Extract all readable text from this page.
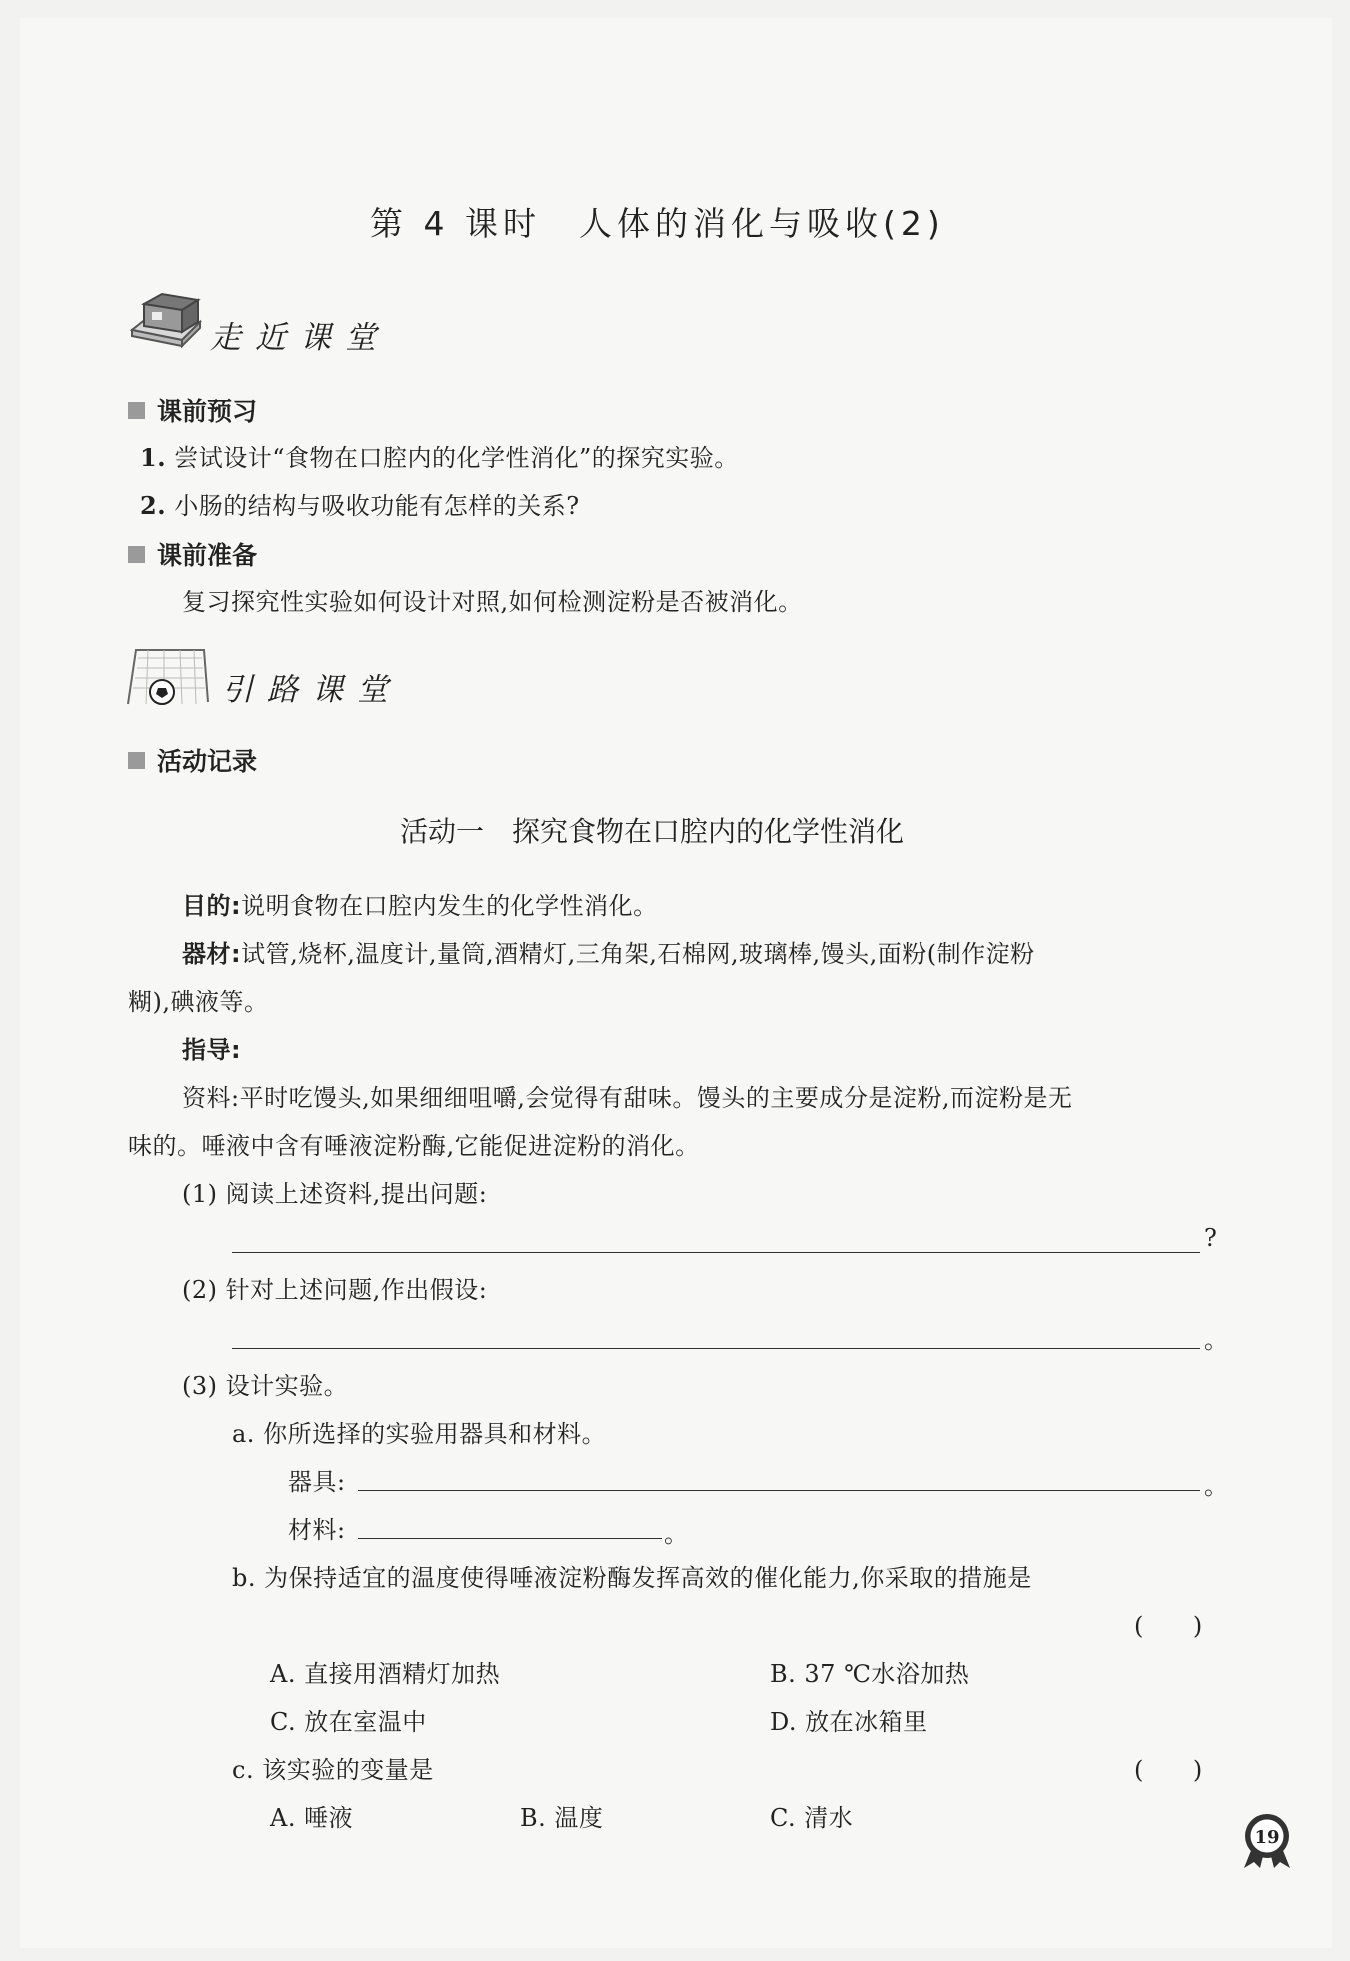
第 4 课时　人体的消化与吸收(2)
走近课堂
课前预习
1. 尝试设计“食物在口腔内的化学性消化”的探究实验。
2. 小肠的结构与吸收功能有怎样的关系?
课前准备
复习探究性实验如何设计对照,如何检测淀粉是否被消化。
引路课堂
活动记录
活动一　探究食物在口腔内的化学性消化
目的:说明食物在口腔内发生的化学性消化。
器材:试管,烧杯,温度计,量筒,酒精灯,三角架,石棉网,玻璃棒,馒头,面粉(制作淀粉
糊),碘液等。
指导:
资料:平时吃馒头,如果细细咀嚼,会觉得有甜味。馒头的主要成分是淀粉,而淀粉是无
味的。唾液中含有唾液淀粉酶,它能促进淀粉的消化。
(1) 阅读上述资料,提出问题:
?
(2) 针对上述问题,作出假设:
。
(3) 设计实验。
a. 你所选择的实验用器具和材料。
器具:	。
材料:	。
b. 为保持适宜的温度使得唾液淀粉酶发挥高效的催化能力,你采取的措施是
(　　)
A. 直接用酒精灯加热	B. 37 ℃水浴加热
C. 放在室温中	D. 放在冰箱里
c. 该实验的变量是	(　　)
A. 唾液	B. 温度	C. 清水
19
